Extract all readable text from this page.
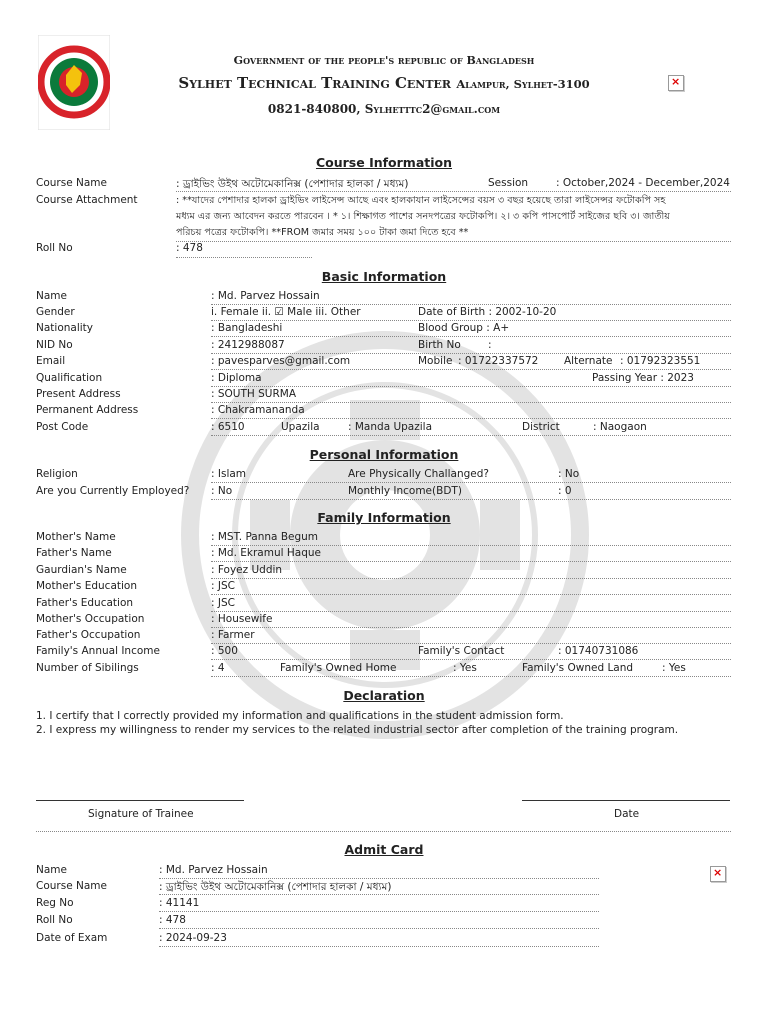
Government of the people's republic of Bangladesh
Sylhet Technical Training Center Alampur, Sylhet-3100
0821-840800, Sylhetttc2@gmail.com
×
Course Information
Course Name	: ড্রাইভিং উইথ অটোমেকানিক্স (পেশাদার হালকা / মধ্যম)	Session	: October,2024 - December,2024
Course Attachment	: **যাদের পেশাদার হালকা ড্রাইভিং লাইসেন্স আছে এবং হালকাযান লাইসেন্সের বয়স ৩ বছর হয়েছে তারা লাইসেন্সর ফটোকপি সহ
মধ্যম এর জন্য আবেদন করতে পারবেন । * ১। শিক্ষাগত পাশের সনদপত্রের ফটোকপি। ২। ৩ কপি পাসপোর্ট সাইজের ছবি ৩। জাতীয়
পরিচয় পত্রের ফটোকপি। **FROM জমার সময় ১০০ টাকা জমা দিতে হবে **
Roll No	: 478
Basic Information
Name	: Md. Parvez Hossain
Gender	i. Female ii. ☑ Male iii. Other	Date of Birth : 2002-10-20
Nationality	: Bangladeshi	Blood Group : A+
NID No	: 2412988087	Birth No	:
Email	: pavesparves@gmail.com	Mobile : 01722337572 Alternate : 01792323551
Qualification	: Diploma	Passing Year : 2023
Present Address	: SOUTH SURMA
Permanent Address	: Chakramananda
Post Code	: 6510	Upazila	: Manda Upazila	District	: Naogaon
Personal Information
Religion	: Islam	Are Physically Challanged?	: No
Are you Currently Employed? : No	Monthly Income(BDT)	: 0
Family Information
Mother's Name	: MST. Panna Begum
Father's Name	: Md. Ekramul Haque
Gaurdian's Name	: Foyez Uddin
Mother's Education	: JSC
Father's Education	: JSC
Mother's Occupation	: Housewife
Father's Occupation	: Farmer
Family's Annual Income	: 500	Family's Contact	: 01740731086
Number of Sibilings	: 4	Family's Owned Home	: Yes	Family's Owned Land	: Yes
Declaration
1. I certify that I correctly provided my information and qualifications in the student admission form.
2. I express my willingness to render my services to the related industrial sector after completion of the training program.
Signature of Trainee	Date
Admit Card
Name	: Md. Parvez Hossain
Course Name	: ড্রাইভিং উইথ অটোমেকানিক্স (পেশাদার হালকা / মধ্যম)
Reg No	: 41141
Roll No	: 478
Date of Exam	: 2024-09-23
×
